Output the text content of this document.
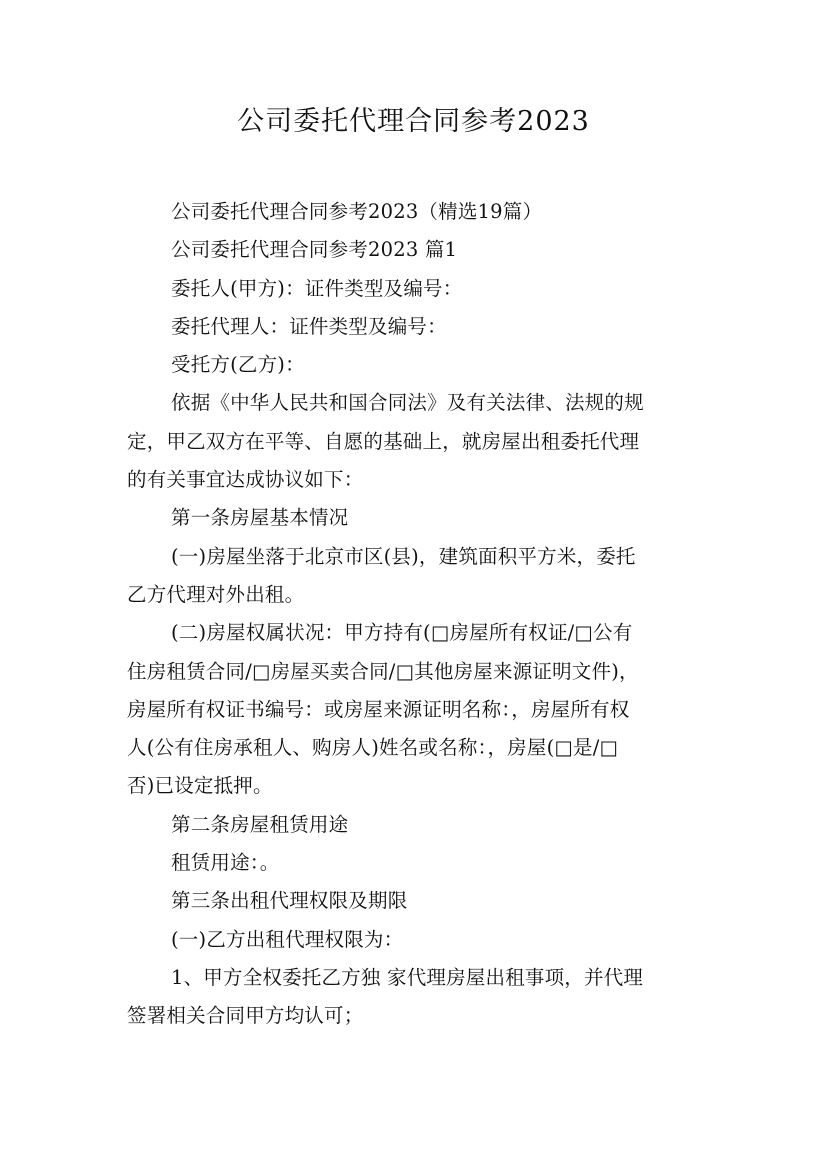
公司委托代理合同参考2023
公司委托代理合同参考2023（精选19篇）
公司委托代理合同参考2023 篇1
委托人(甲方)：证件类型及编号：
委托代理人：证件类型及编号：
受托方(乙方)：
依据《中华人民共和国合同法》及有关法律、法规的规
定，甲乙双方在平等、自愿的基础上，就房屋出租委托代理
的有关事宜达成协议如下：
第一条房屋基本情况
(一)房屋坐落于北京市区(县)，建筑面积平方米，委托
乙方代理对外出租。
(二)房屋权属状况：甲方持有(□房屋所有权证/□公有
住房租赁合同/□房屋买卖合同/□其他房屋来源证明文件)，
房屋所有权证书编号：或房屋来源证明名称：，房屋所有权
人(公有住房承租人、购房人)姓名或名称：，房屋(□是/□
否)已设定抵押。
第二条房屋租赁用途
租赁用途：。
第三条出租代理权限及期限
(一)乙方出租代理权限为：
1、甲方全权委托乙方独 家代理房屋出租事项，并代理
签署相关合同甲方均认可；
